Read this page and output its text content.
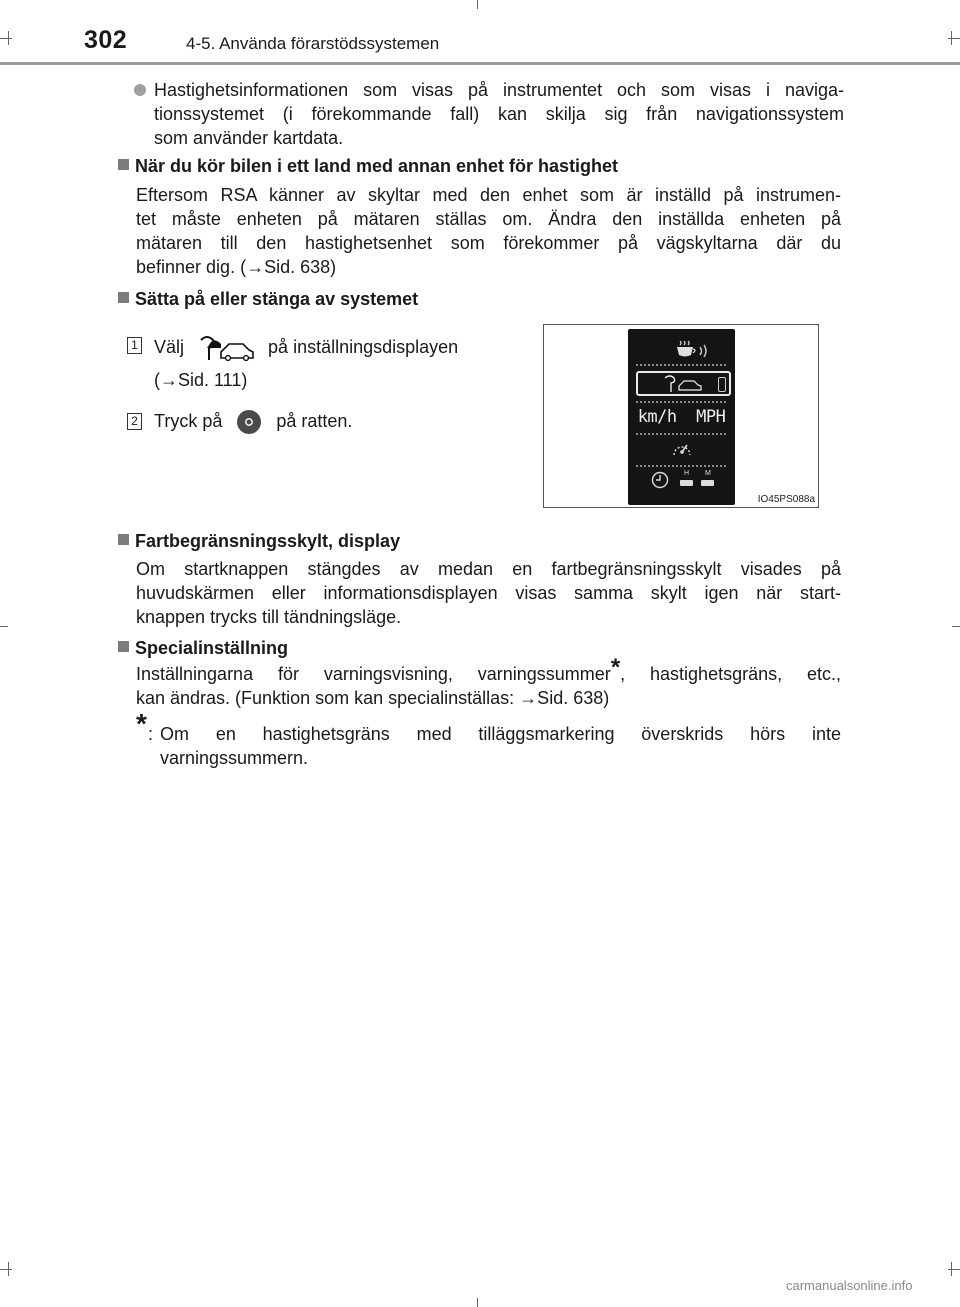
302	4-5. Använda förarstödssystemen
Hastighetsinformationen som visas på instrumentet och som visas i naviga-
tionssystemet (i förekommande fall) kan skilja sig från navigationssystem
som använder kartdata.
När du kör bilen i ett land med annan enhet för hastighet
Eftersom RSA känner av skyltar med den enhet som är inställd på instrumen-
tet måste enheten på mätaren ställas om. Ändra den inställda enheten på
mätaren till den hastighetsenhet som förekommer på vägskyltarna där du
befinner dig. (→Sid. 638)
Sätta på eller stänga av systemet
1 Välj	på inställningsdisplayen
(→Sid. 111)
2 Tryck på	på ratten.	km/h  MPH
H M
IO45PS088a
Fartbegränsningsskylt, display
Om startknappen stängdes av medan en fartbegränsningsskylt visades på
huvudskärmen eller informationsdisplayen visas samma skylt igen när start-
knappen trycks till tändningsläge.
Specialinställning
Inställningarna för varningsvisning, varningssummer*, hastighetsgräns, etc.,
kan ändras. (Funktion som kan specialinställas: →Sid. 638)
* : Om en hastighetsgräns med tilläggsmarkering överskrids hörs inte
varningssummern.
carmanualsonline.info
